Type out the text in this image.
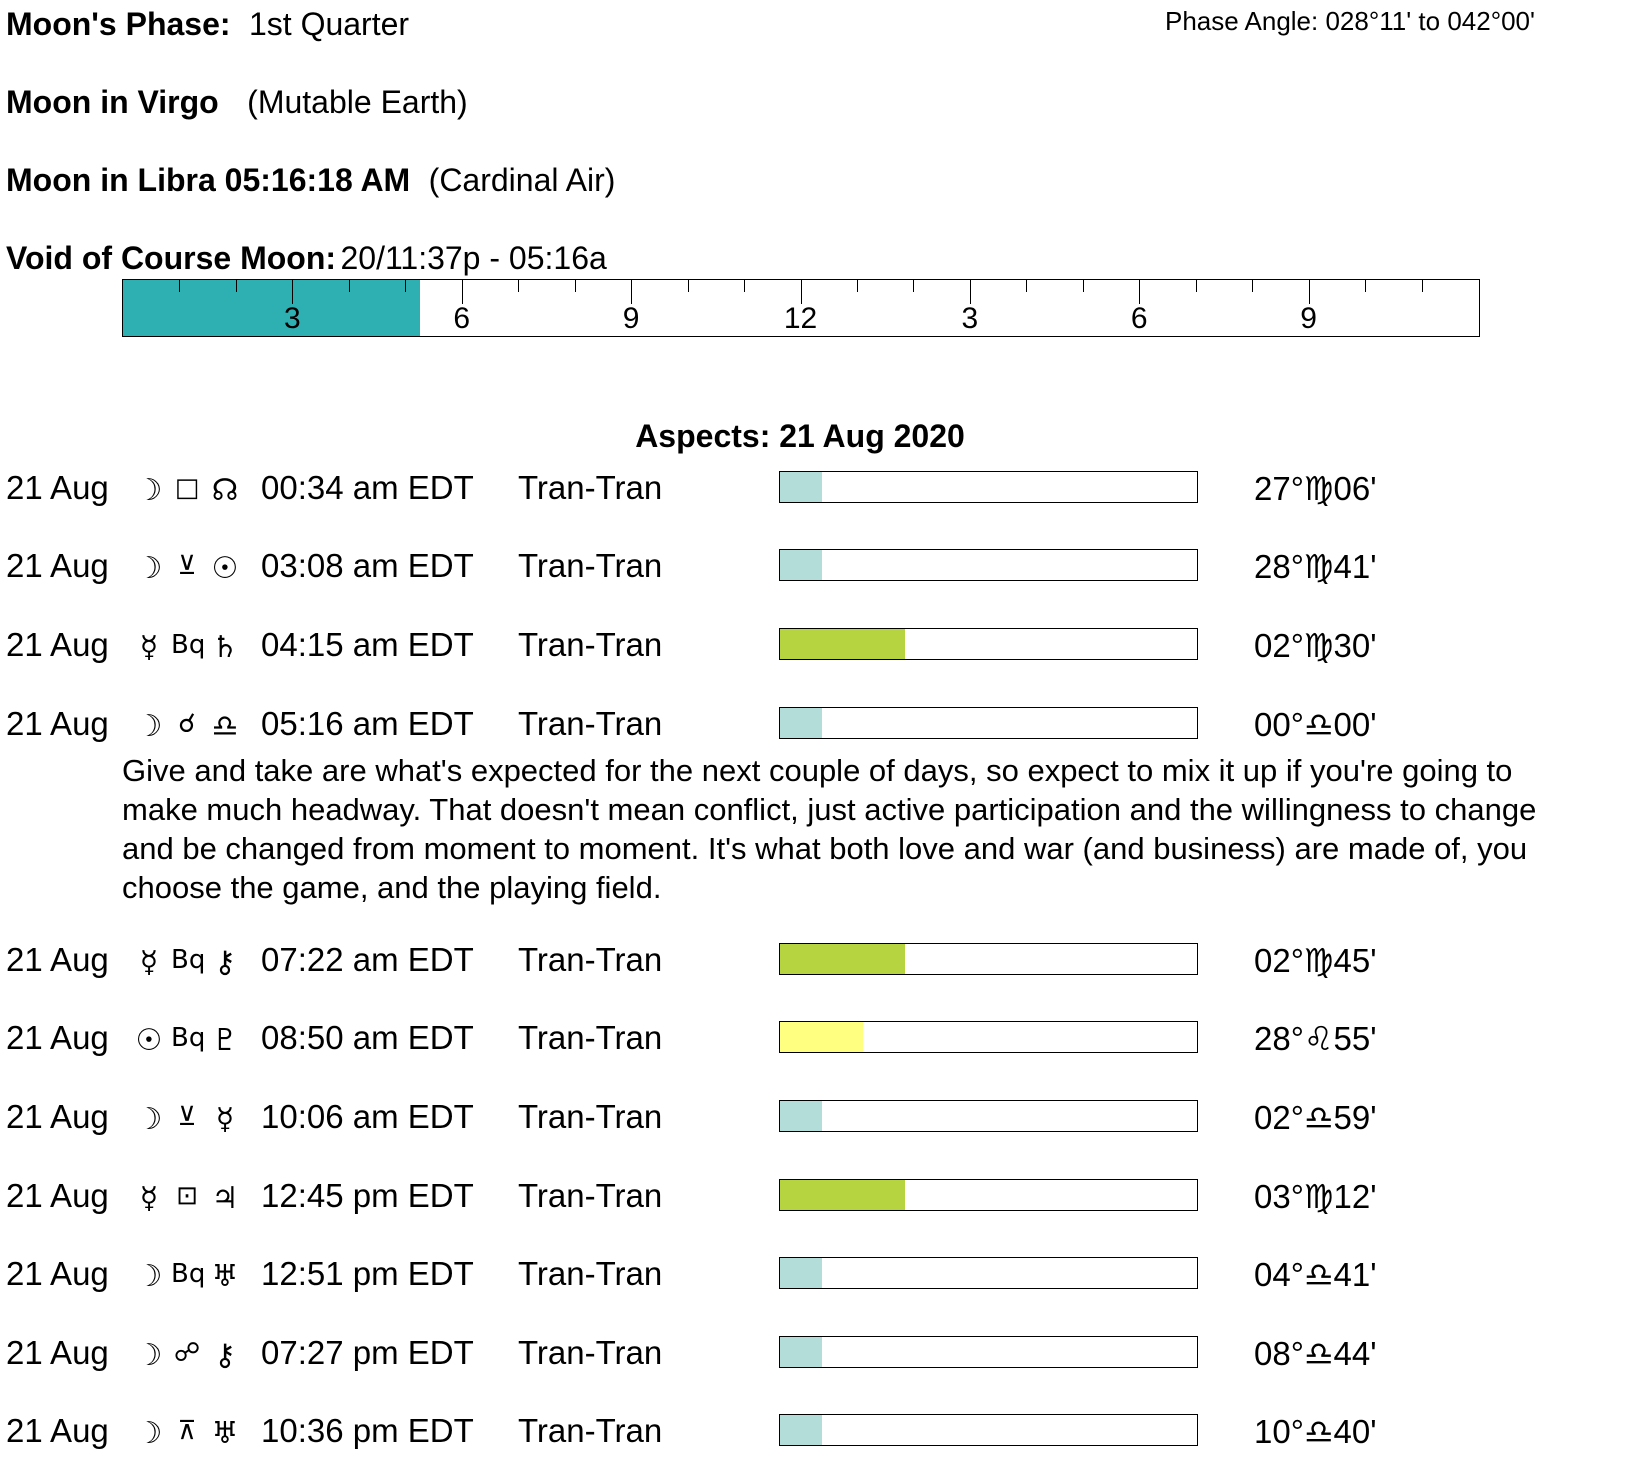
Moon's Phase: 1st Quarter	Phase Angle: 028°11' to 042°00'
Moon in Virgo (Mutable Earth)
Moon in Libra 05:16:18 AM (Cardinal Air)
Void of Course Moon: 20/11:37p - 05:16a
3	6	9	12	3	6	9
Aspects: 21 Aug 2020
21 Aug ☽ □ ☊ 00:34 am EDT Tran-Tran	27°♍06'
21 Aug ☽ ⊻ ☉ 03:08 am EDT Tran-Tran	28°♍41'
21 Aug ☿ Bq ♄ 04:15 am EDT Tran-Tran	02°♍30'
21 Aug ☽ ☌ ♎ 05:16 am EDT Tran-Tran	00°♎00'
21 Aug ☿ Bq ⚷ 07:22 am EDT Tran-Tran	02°♍45'
21 Aug ☉ Bq ♇ 08:50 am EDT Tran-Tran	28°♌55'
21 Aug ☽ ⊻ ☿ 10:06 am EDT Tran-Tran	02°♎59'
21 Aug ☿ ⊡ ♃ 12:45 pm EDT Tran-Tran	03°♍12'
21 Aug ☽ Bq ♅ 12:51 pm EDT Tran-Tran	04°♎41'
21 Aug ☽ ☍ ⚷ 07:27 pm EDT Tran-Tran	08°♎44'
21 Aug ☽ ⊼ ♅ 10:36 pm EDT Tran-Tran	10°♎40'
Give and take are what's expected for the next couple of days, so expect to mix it up if you're going to make much headway. That doesn't mean conflict, just active participation and the willingness to change and be changed from moment to moment. It's what both love and war (and business) are made of, you choose the game, and the playing field.
